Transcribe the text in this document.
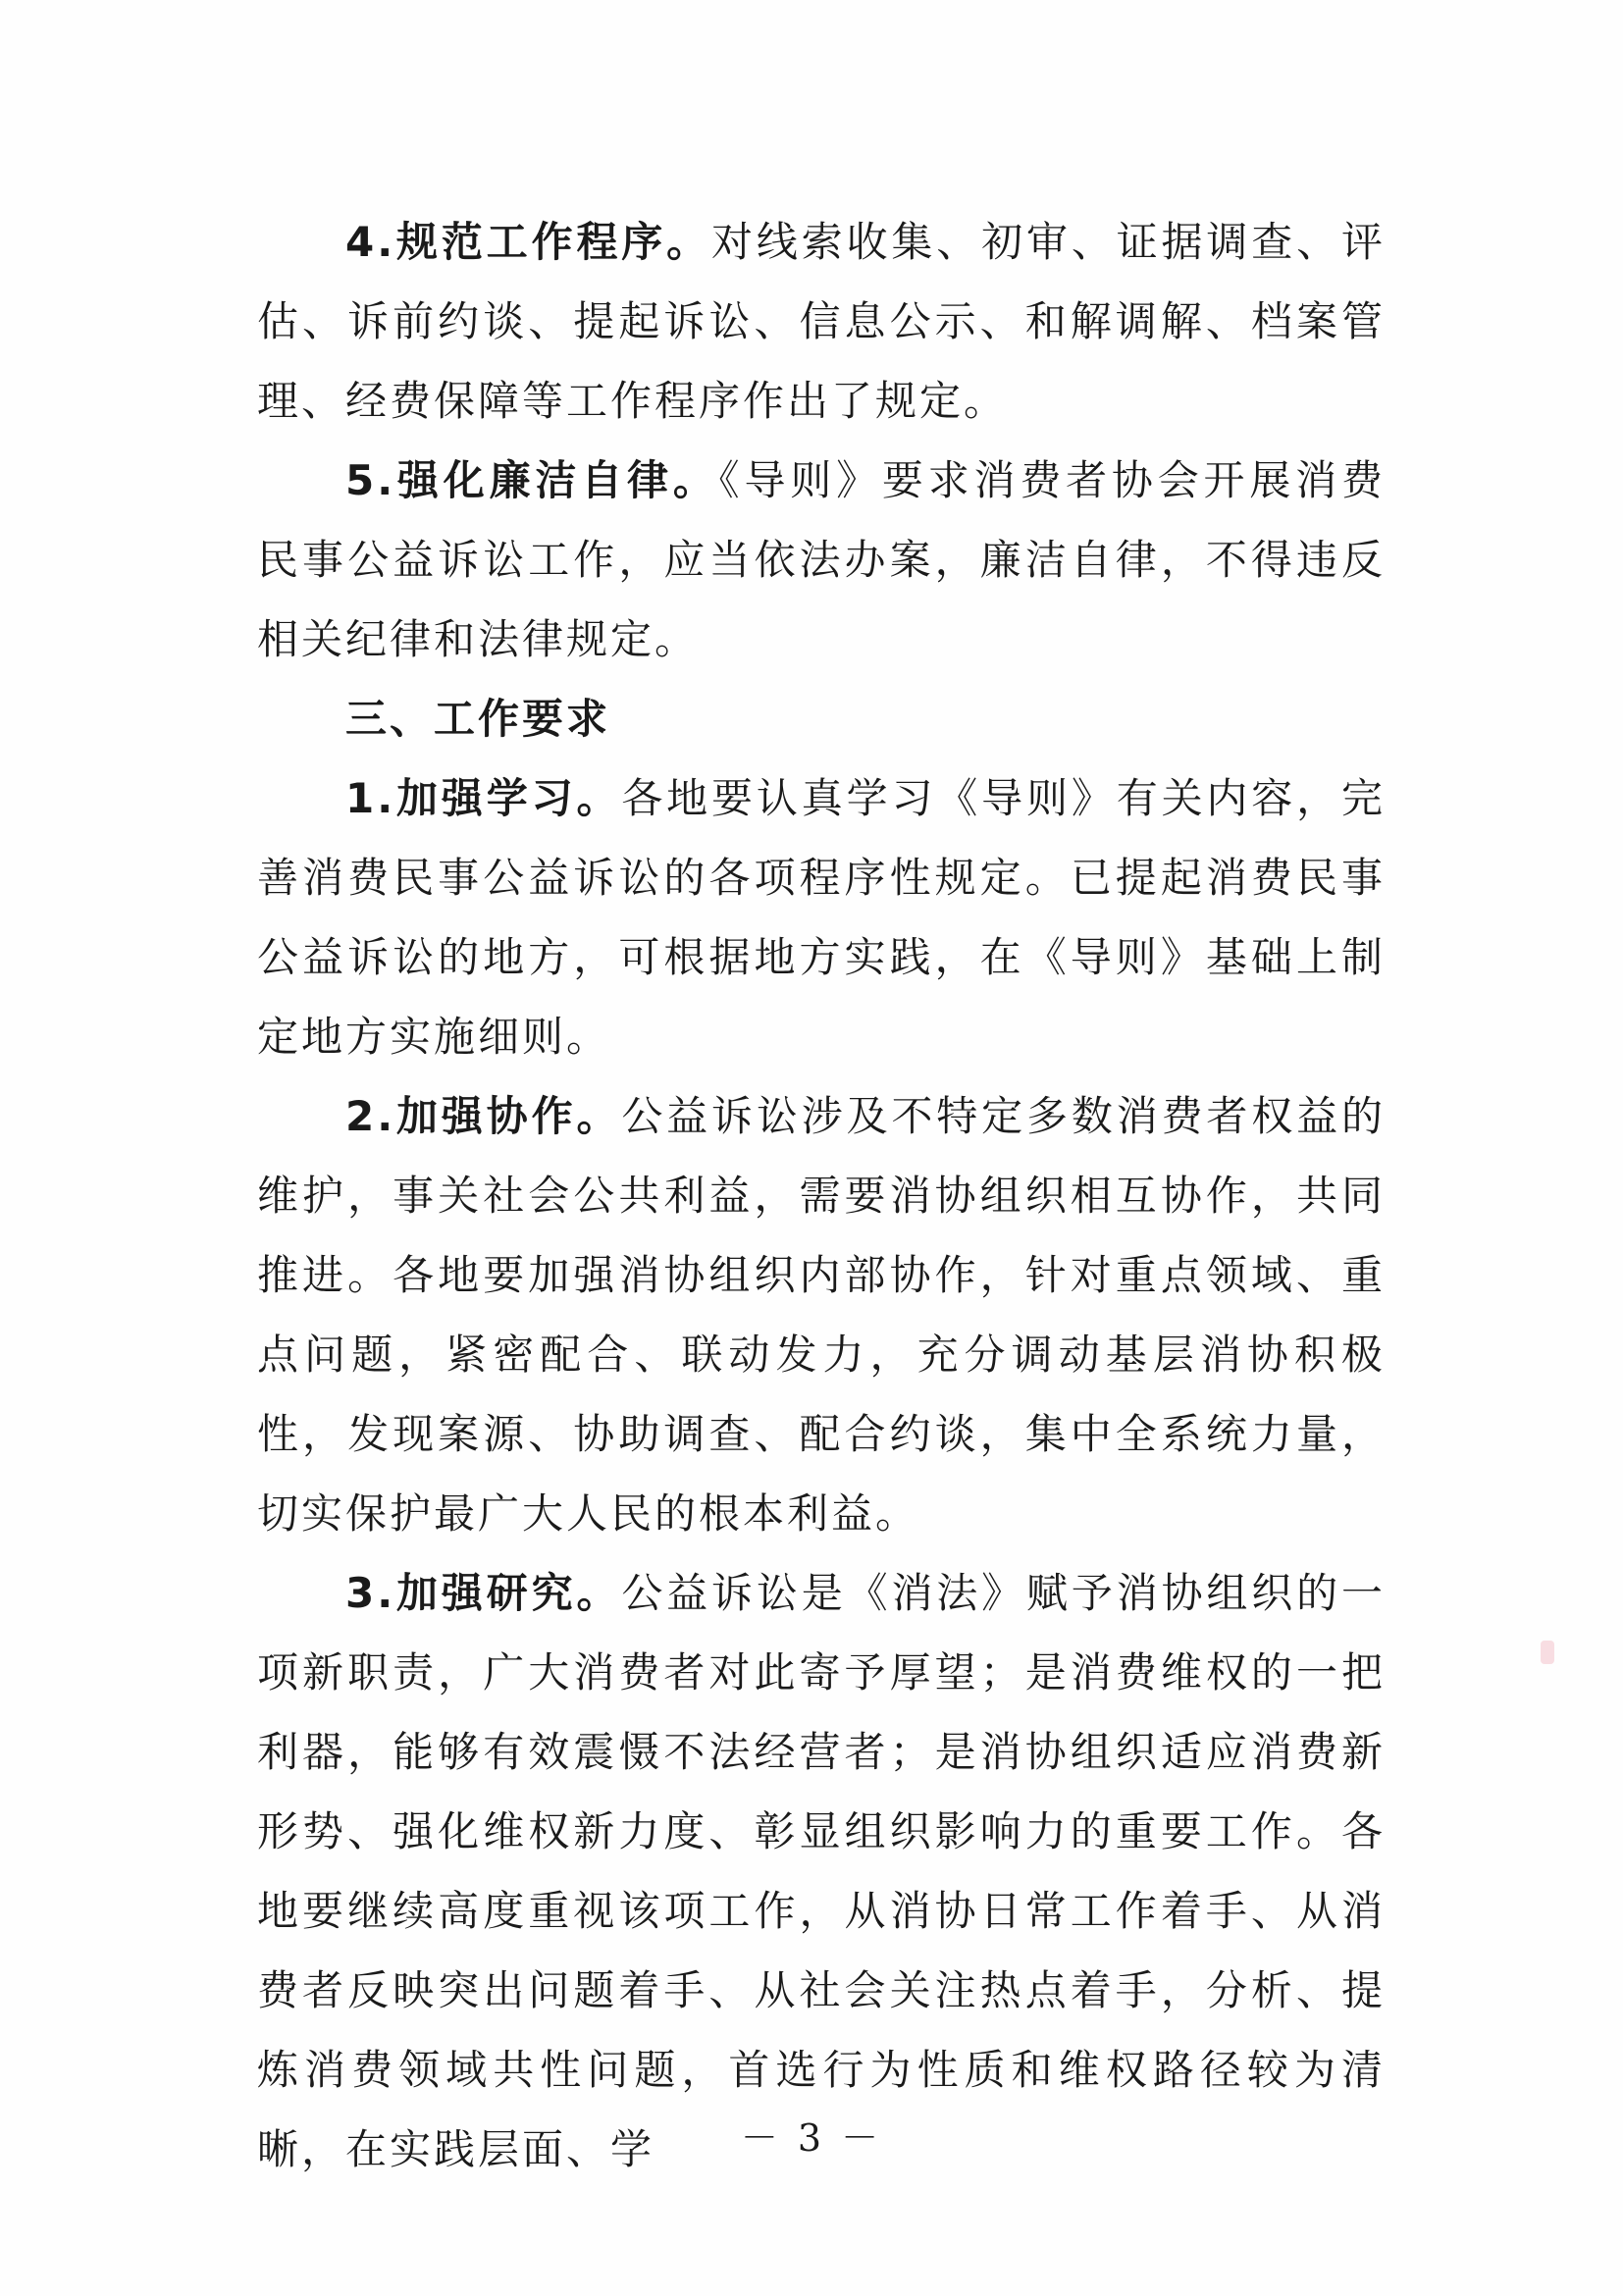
4.规范工作程序。对线索收集、初审、证据调查、评估、诉前约谈、提起诉讼、信息公示、和解调解、档案管理、经费保障等工作程序作出了规定。

5.强化廉洁自律。《导则》要求消费者协会开展消费民事公益诉讼工作，应当依法办案，廉洁自律，不得违反相关纪律和法律规定。

三、工作要求

1.加强学习。各地要认真学习《导则》有关内容，完善消费民事公益诉讼的各项程序性规定。已提起消费民事公益诉讼的地方，可根据地方实践，在《导则》基础上制定地方实施细则。

2.加强协作。公益诉讼涉及不特定多数消费者权益的维护，事关社会公共利益，需要消协组织相互协作，共同推进。各地要加强消协组织内部协作，针对重点领域、重点问题，紧密配合、联动发力，充分调动基层消协积极性，发现案源、协助调查、配合约谈，集中全系统力量，切实保护最广大人民的根本利益。

3.加强研究。公益诉讼是《消法》赋予消协组织的一项新职责，广大消费者对此寄予厚望；是消费维权的一把利器，能够有效震慑不法经营者；是消协组织适应消费新形势、强化维权新力度、彰显组织影响力的重要工作。各地要继续高度重视该项工作，从消协日常工作着手、从消费者反映突出问题着手、从社会关注热点着手，分析、提炼消费领域共性问题，首选行为性质和维权路径较为清晰，在实践层面、学	－ 3 －
